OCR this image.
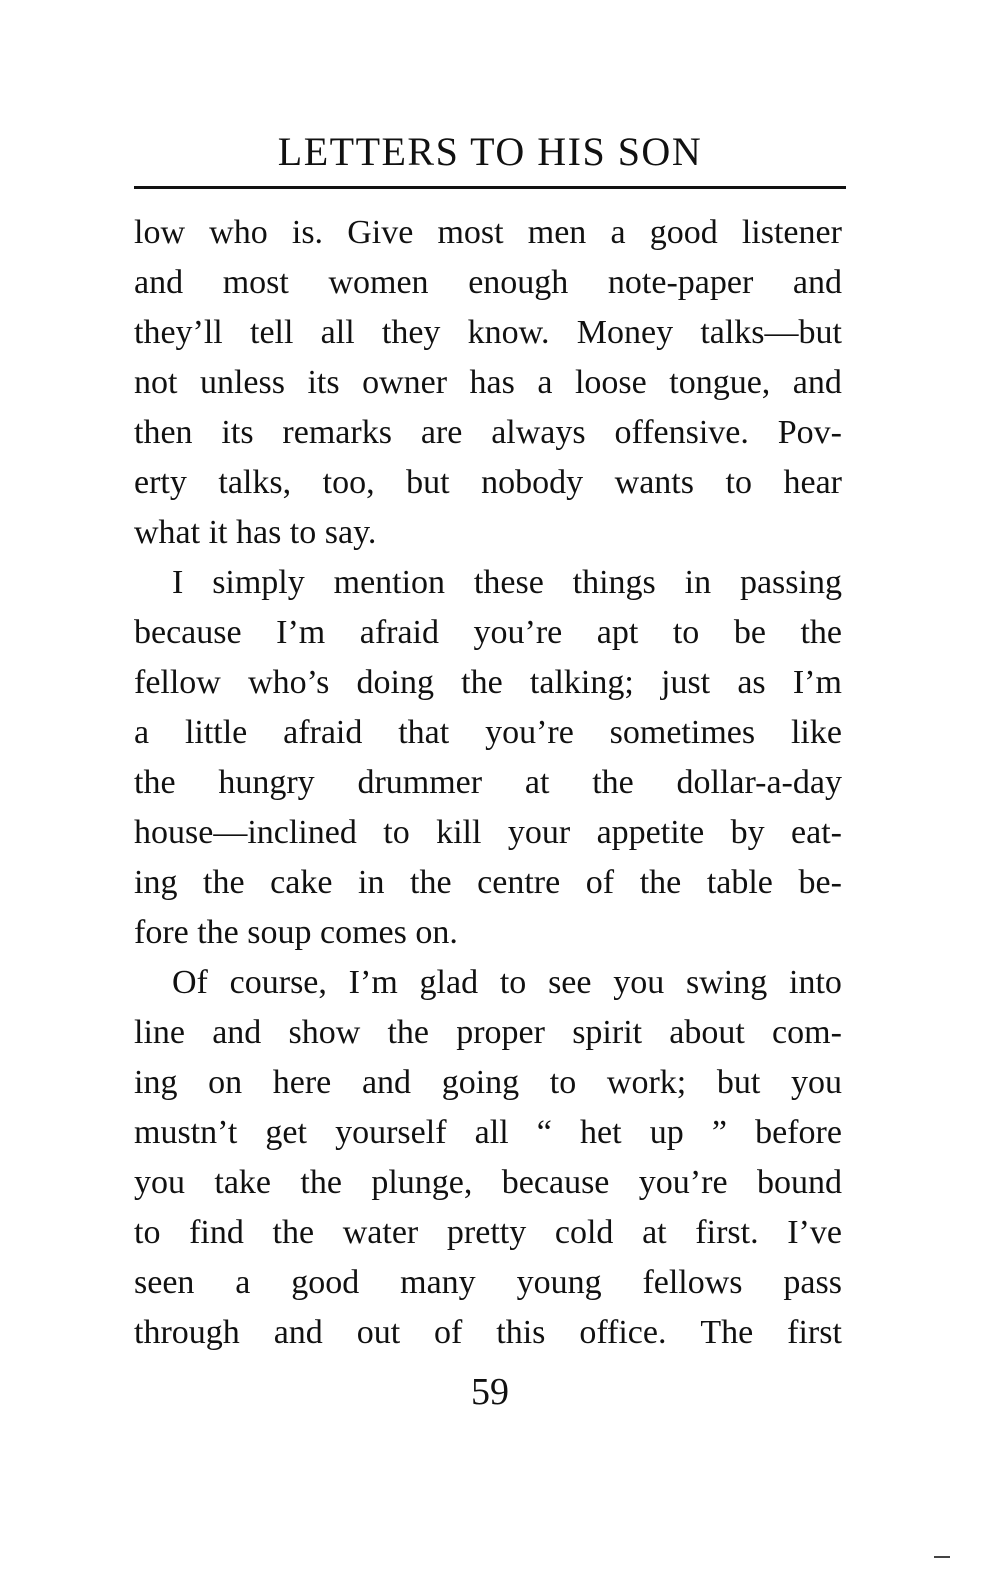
LETTERS TO HIS SON

low who is. Give most men a good listener
and most women enough note-paper and
they’ll tell all they know. Money talks—but
not unless its owner has a loose tongue, and
then its remarks are always offensive. Pov-
erty talks, too, but nobody wants to hear
what it has to say.

I simply mention these things in passing
because I’m afraid you’re apt to be the
fellow who’s doing the talking; just as I’m
a little afraid that you’re sometimes like
the hungry drummer at the dollar-a-day
house—inclined to kill your appetite by eat-
ing the cake in the centre of the table be-
fore the soup comes on.

Of course, I’m glad to see you swing into
line and show the proper spirit about com-
ing on here and going to work; but you
mustn’t get yourself all “ het up ” before
you take the plunge, because you’re bound
to find the water pretty cold at first. I’ve
seen a good many young fellows pass
through and out of this office. The first

59
